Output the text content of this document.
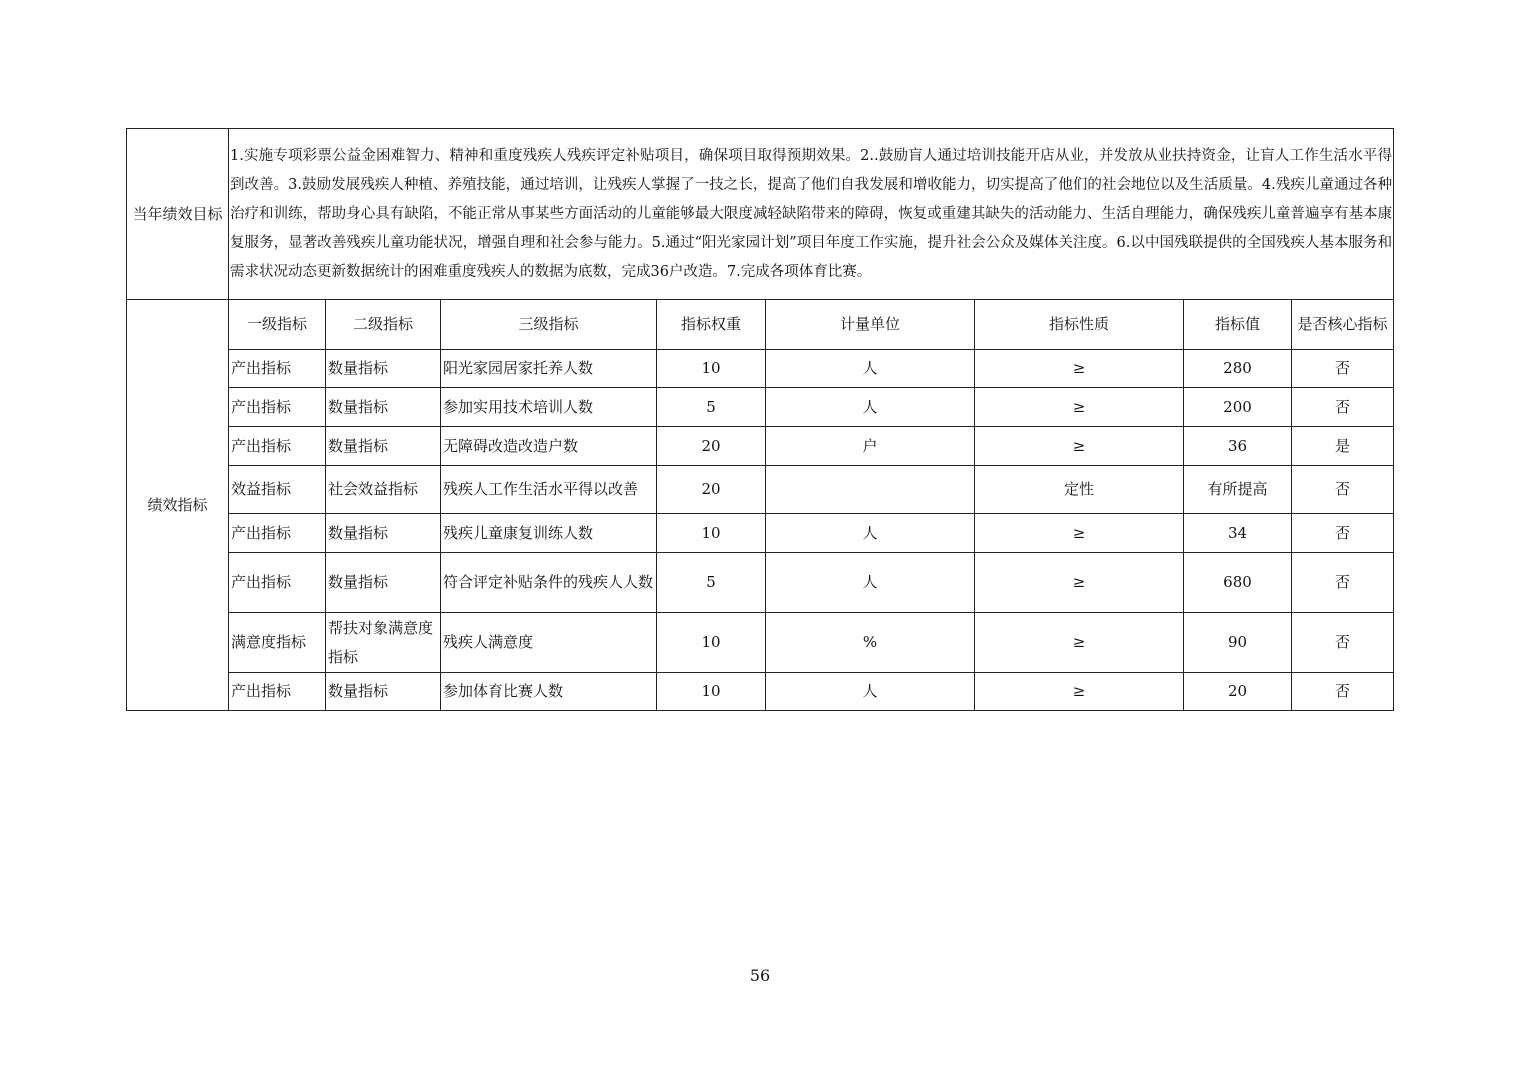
当年绩效目标	1.实施专项彩票公益金困难智力、精神和重度残疾人残疾评定补贴项目，确保项目取得预期效果。2..鼓励盲人通过培训技能开店从业，并发放从业扶持资金，让盲人工作生活水平得到改善。3.鼓励发展残疾人种植、养殖技能，通过培训，让残疾人掌握了一技之长，提高了他们自我发展和增收能力，切实提高了他们的社会地位以及生活质量。4.残疾儿童通过各种治疗和训练，帮助身心具有缺陷，不能正常从事某些方面活动的儿童能够最大限度减轻缺陷带来的障碍，恢复或重建其缺失的活动能力、生活自理能力，确保残疾儿童普遍享有基本康复服务，显著改善残疾儿童功能状况，增强自理和社会参与能力。5.通过“阳光家园计划”项目年度工作实施，提升社会公众及媒体关注度。6.以中国残联提供的全国残疾人基本服务和需求状况动态更新数据统计的困难重度残疾人的数据为底数，完成36户改造。7.完成各项体育比赛。							
绩效指标	一级指标	二级指标	三级指标	指标权重	计量单位	指标性质	指标值	是否核心指标
	产出指标	数量指标	阳光家园居家托养人数	10	人	≥	280	否
	产出指标	数量指标	参加实用技术培训人数	5	人	≥	200	否
	产出指标	数量指标	无障碍改造改造户数	20	户	≥	36	是
	效益指标	社会效益指标	残疾人工作生活水平得以改善	20		定性	有所提高	否
	产出指标	数量指标	残疾儿童康复训练人数	10	人	≥	34	否
	产出指标	数量指标	符合评定补贴条件的残疾人人数	5	人	≥	680	否
	满意度指标	帮扶对象满意度指标	残疾人满意度	10	%	≥	90	否
	产出指标	数量指标	参加体育比赛人数	10	人	≥	20	否
56
